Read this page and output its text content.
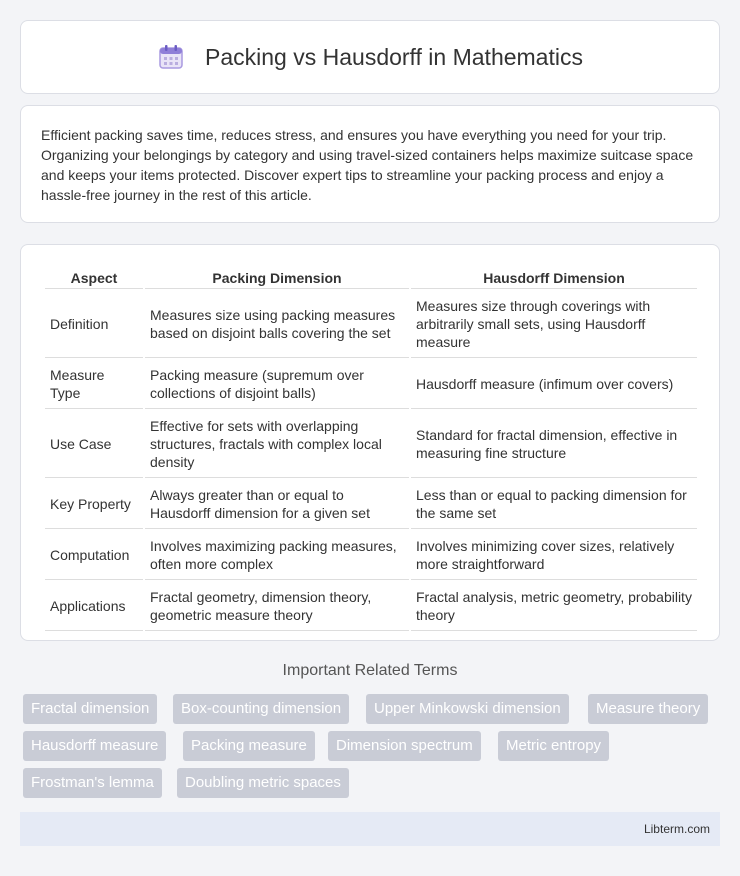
Packing vs Hausdorff in Mathematics

Efficient packing saves time, reduces stress, and ensures you have everything you need for your trip. Organizing your belongings by category and using travel-sized containers helps maximize suitcase space and keeps your items protected. Discover expert tips to streamline your packing process and enjoy a hassle-free journey in the rest of this article.

Aspect	Packing Dimension	Hausdorff Dimension
Definition	Measures size using packing measures based on disjoint balls covering the set	Measures size through coverings with arbitrarily small sets, using Hausdorff measure
Measure Type	Packing measure (supremum over collections of disjoint balls)	Hausdorff measure (infimum over covers)
Use Case	Effective for sets with overlapping structures, fractals with complex local density	Standard for fractal dimension, effective in measuring fine structure
Key Property	Always greater than or equal to Hausdorff dimension for a given set	Less than or equal to packing dimension for the same set
Computation	Involves maximizing packing measures, often more complex	Involves minimizing cover sizes, relatively more straightforward
Applications	Fractal geometry, dimension theory, geometric measure theory	Fractal analysis, metric geometry, probability theory
Important Related Terms
Fractal dimension	Box-counting dimension	Upper Minkowski dimension	Measure theory
Hausdorff measure	Packing measure	Dimension spectrum	Metric entropy
Frostman's lemma	Doubling metric spaces
Libterm.com
